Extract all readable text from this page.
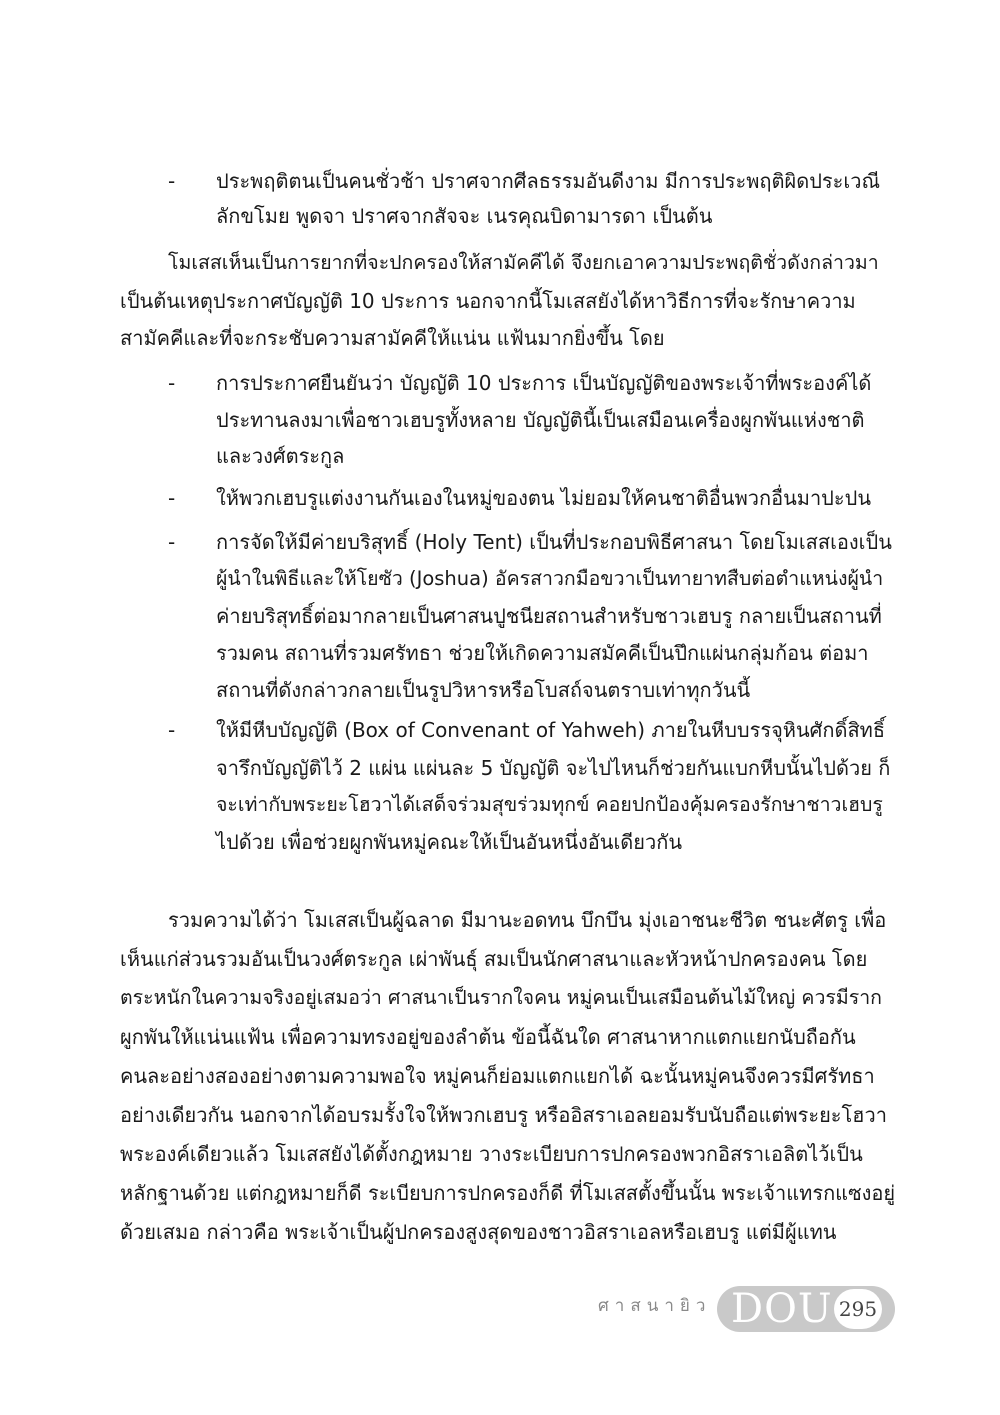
- ประพฤติตนเป็นคนชั่วช้า ปราศจากศีลธรรมอันดีงาม มีการประพฤติผิดประเวณี
ลักขโมย พูดจา ปราศจากสัจจะ เนรคุณบิดามารดา เป็นต้น
โมเสสเห็นเป็นการยากที่จะปกครองให้สามัคคีได้ จึงยกเอาความประพฤติชั่วดังกล่าวมา
เป็นต้นเหตุประกาศบัญญัติ 10 ประการ นอกจากนี้โมเสสยังได้หาวิธีการที่จะรักษาความ
สามัคคีและที่จะกระชับความสามัคคีให้แน่น แฟ้นมากยิ่งขึ้น โดย
- การประกาศยืนยันว่า บัญญัติ 10 ประการ เป็นบัญญัติของพระเจ้าที่พระองค์ได้
ประทานลงมาเพื่อชาวเฮบรูทั้งหลาย บัญญัตินี้เป็นเสมือนเครื่องผูกพันแห่งชาติ
และวงศ์ตระกูล
- ให้พวกเฮบรูแต่งงานกันเองในหมู่ของตน ไม่ยอมให้คนชาติอื่นพวกอื่นมาปะปน
- การจัดให้มีค่ายบริสุทธิ์ (Holy Tent) เป็นที่ประกอบพิธีศาสนา โดยโมเสสเองเป็น
ผู้นำในพิธีและให้โยซัว (Joshua) อัครสาวกมือขวาเป็นทายาทสืบต่อตำแหน่งผู้นำ
ค่ายบริสุทธิ์ต่อมากลายเป็นศาสนปูชนียสถานสำหรับชาวเฮบรู กลายเป็นสถานที่
รวมคน สถานที่รวมศรัทธา ช่วยให้เกิดความสมัคคีเป็นปึกแผ่นกลุ่มก้อน ต่อมา
สถานที่ดังกล่าวกลายเป็นรูปวิหารหรือโบสถ์จนตราบเท่าทุกวันนี้
- ให้มีหีบบัญญัติ (Box of Convenant of Yahweh) ภายในหีบบรรจุหินศักดิ์สิทธิ์
จารึกบัญญัติไว้ 2 แผ่น แผ่นละ 5 บัญญัติ จะไปไหนก็ช่วยกันแบกหีบนั้นไปด้วย ก็
จะเท่ากับพระยะโฮวาได้เสด็จร่วมสุขร่วมทุกข์ คอยปกป้องคุ้มครองรักษาชาวเฮบรู
ไปด้วย เพื่อช่วยผูกพันหมู่คณะให้เป็นอันหนึ่งอันเดียวกัน
รวมความได้ว่า โมเสสเป็นผู้ฉลาด มีมานะอดทน บึกบึน มุ่งเอาชนะชีวิต ชนะศัตรู เพื่อ
เห็นแก่ส่วนรวมอันเป็นวงศ์ตระกูล เผ่าพันธุ์ สมเป็นนักศาสนาและหัวหน้าปกครองคน โดย
ตระหนักในความจริงอยู่เสมอว่า ศาสนาเป็นรากใจคน หมู่คนเป็นเสมือนต้นไม้ใหญ่ ควรมีราก
ผูกพันให้แน่นแฟ้น เพื่อความทรงอยู่ของลำต้น ข้อนี้ฉันใด ศาสนาหากแตกแยกนับถือกัน
คนละอย่างสองอย่างตามความพอใจ หมู่คนก็ย่อมแตกแยกได้ ฉะนั้นหมู่คนจึงควรมีศรัทธา
อย่างเดียวกัน นอกจากได้อบรมรั้งใจให้พวกเฮบรู หรืออิสราเอลยอมรับนับถือแต่พระยะโฮวา
พระองค์เดียวแล้ว โมเสสยังได้ตั้งกฎหมาย วางระเบียบการปกครองพวกอิสราเอลิตไว้เป็น
หลักฐานด้วย แต่กฎหมายก็ดี ระเบียบการปกครองก็ดี ที่โมเสสตั้งขึ้นนั้น พระเจ้าแทรกแซงอยู่
ด้วยเสมอ กล่าวคือ พระเจ้าเป็นผู้ปกครองสูงสุดของชาวอิสราเอลหรือเฮบรู แต่มีผู้แทน
ศาสนายิว DOU 295
